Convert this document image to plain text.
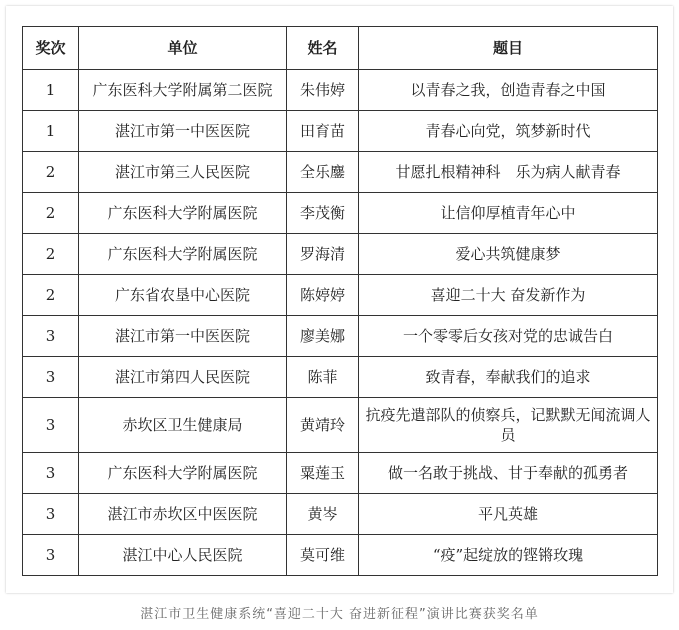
奖次	单位	姓名	题目
1	广东医科大学附属第二医院	朱伟婷	以青春之我，创造青春之中国
1	湛江市第一中医医院	田育苗	青春心向党，筑梦新时代
2	湛江市第三人民医院	全乐鏖	甘愿扎根精神科　乐为病人献青春
2	广东医科大学附属医院	李茂衡	让信仰厚植青年心中
2	广东医科大学附属医院	罗海清	爱心共筑健康梦
2	广东省农垦中心医院	陈婷婷	喜迎二十大 奋发新作为
3	湛江市第一中医医院	廖美娜	一个零零后女孩对党的忠诚告白
3	湛江市第四人民医院	陈菲	致青春，奉献我们的追求
3	赤坎区卫生健康局	黄靖玲	抗疫先遣部队的侦察兵，记默默无闻流调人员
3	广东医科大学附属医院	粟莲玉	做一名敢于挑战、甘于奉献的孤勇者
3	湛江市赤坎区中医医院	黄岑	平凡英雄
3	湛江中心人民医院	莫可维	“疫”起绽放的铿锵玫瑰
湛江市卫生健康系统“喜迎二十大 奋进新征程”演讲比赛获奖名单
